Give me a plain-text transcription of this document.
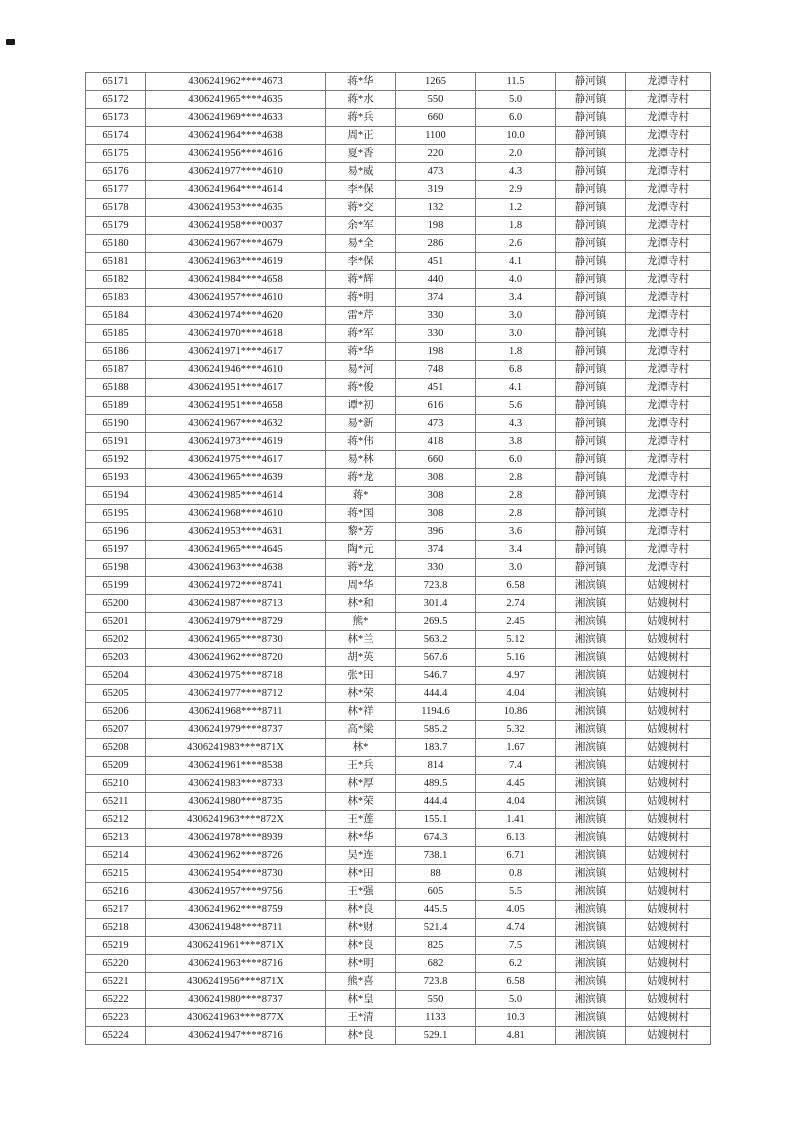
65171	4306241962****4673	蒋*华	1265	11.5	静河镇	龙潭寺村
65172	4306241965****4635	蒋*水	550	5.0	静河镇	龙潭寺村
65173	4306241969****4633	蒋*兵	660	6.0	静河镇	龙潭寺村
65174	4306241964****4638	周*正	1100	10.0	静河镇	龙潭寺村
65175	4306241956****4616	夏*香	220	2.0	静河镇	龙潭寺村
65176	4306241977****4610	易*威	473	4.3	静河镇	龙潭寺村
65177	4306241964****4614	李*保	319	2.9	静河镇	龙潭寺村
65178	4306241953****4635	蒋*交	132	1.2	静河镇	龙潭寺村
65179	4306241958****0037	余*军	198	1.8	静河镇	龙潭寺村
65180	4306241967****4679	易*全	286	2.6	静河镇	龙潭寺村
65181	4306241963****4619	李*保	451	4.1	静河镇	龙潭寺村
65182	4306241984****4658	蒋*辉	440	4.0	静河镇	龙潭寺村
65183	4306241957****4610	蒋*明	374	3.4	静河镇	龙潭寺村
65184	4306241974****4620	雷*芹	330	3.0	静河镇	龙潭寺村
65185	4306241970****4618	蒋*军	330	3.0	静河镇	龙潭寺村
65186	4306241971****4617	蒋*华	198	1.8	静河镇	龙潭寺村
65187	4306241946****4610	易*河	748	6.8	静河镇	龙潭寺村
65188	4306241951****4617	蒋*俊	451	4.1	静河镇	龙潭寺村
65189	4306241951****4658	谭*初	616	5.6	静河镇	龙潭寺村
65190	4306241967****4632	易*新	473	4.3	静河镇	龙潭寺村
65191	4306241973****4619	蒋*伟	418	3.8	静河镇	龙潭寺村
65192	4306241975****4617	易*林	660	6.0	静河镇	龙潭寺村
65193	4306241965****4639	蒋*龙	308	2.8	静河镇	龙潭寺村
65194	4306241985****4614	蒋*	308	2.8	静河镇	龙潭寺村
65195	4306241968****4610	蒋*国	308	2.8	静河镇	龙潭寺村
65196	4306241953****4631	黎*芳	396	3.6	静河镇	龙潭寺村
65197	4306241965****4645	陶*元	374	3.4	静河镇	龙潭寺村
65198	4306241963****4638	蒋*龙	330	3.0	静河镇	龙潭寺村
65199	4306241972****8741	周*华	723.8	6.58	湘滨镇	姑嫂树村
65200	4306241987****8713	林*和	301.4	2.74	湘滨镇	姑嫂树村
65201	4306241979****8729	熊*	269.5	2.45	湘滨镇	姑嫂树村
65202	4306241965****8730	林*兰	563.2	5.12	湘滨镇	姑嫂树村
65203	4306241962****8720	胡*英	567.6	5.16	湘滨镇	姑嫂树村
65204	4306241975****8718	张*田	546.7	4.97	湘滨镇	姑嫂树村
65205	4306241977****8712	林*荣	444.4	4.04	湘滨镇	姑嫂树村
65206	4306241968****8711	林*祥	1194.6	10.86	湘滨镇	姑嫂树村
65207	4306241979****8737	高*梁	585.2	5.32	湘滨镇	姑嫂树村
65208	4306241983****871X	林*	183.7	1.67	湘滨镇	姑嫂树村
65209	4306241961****8538	王*兵	814	7.4	湘滨镇	姑嫂树村
65210	4306241983****8733	林*厚	489.5	4.45	湘滨镇	姑嫂树村
65211	4306241980****8735	林*荣	444.4	4.04	湘滨镇	姑嫂树村
65212	4306241963****872X	王*莲	155.1	1.41	湘滨镇	姑嫂树村
65213	4306241978****8939	林*华	674.3	6.13	湘滨镇	姑嫂树村
65214	4306241962****8726	吴*连	738.1	6.71	湘滨镇	姑嫂树村
65215	4306241954****8730	林*田	88	0.8	湘滨镇	姑嫂树村
65216	4306241957****9756	王*强	605	5.5	湘滨镇	姑嫂树村
65217	4306241962****8759	林*良	445.5	4.05	湘滨镇	姑嫂树村
65218	4306241948****8711	林*财	521.4	4.74	湘滨镇	姑嫂树村
65219	4306241961****871X	林*良	825	7.5	湘滨镇	姑嫂树村
65220	4306241963****8716	林*明	682	6.2	湘滨镇	姑嫂树村
65221	4306241956****871X	熊*喜	723.8	6.58	湘滨镇	姑嫂树村
65222	4306241980****8737	林*皇	550	5.0	湘滨镇	姑嫂树村
65223	4306241963****877X	王*清	1133	10.3	湘滨镇	姑嫂树村
65224	4306241947****8716	林*良	529.1	4.81	湘滨镇	姑嫂树村
